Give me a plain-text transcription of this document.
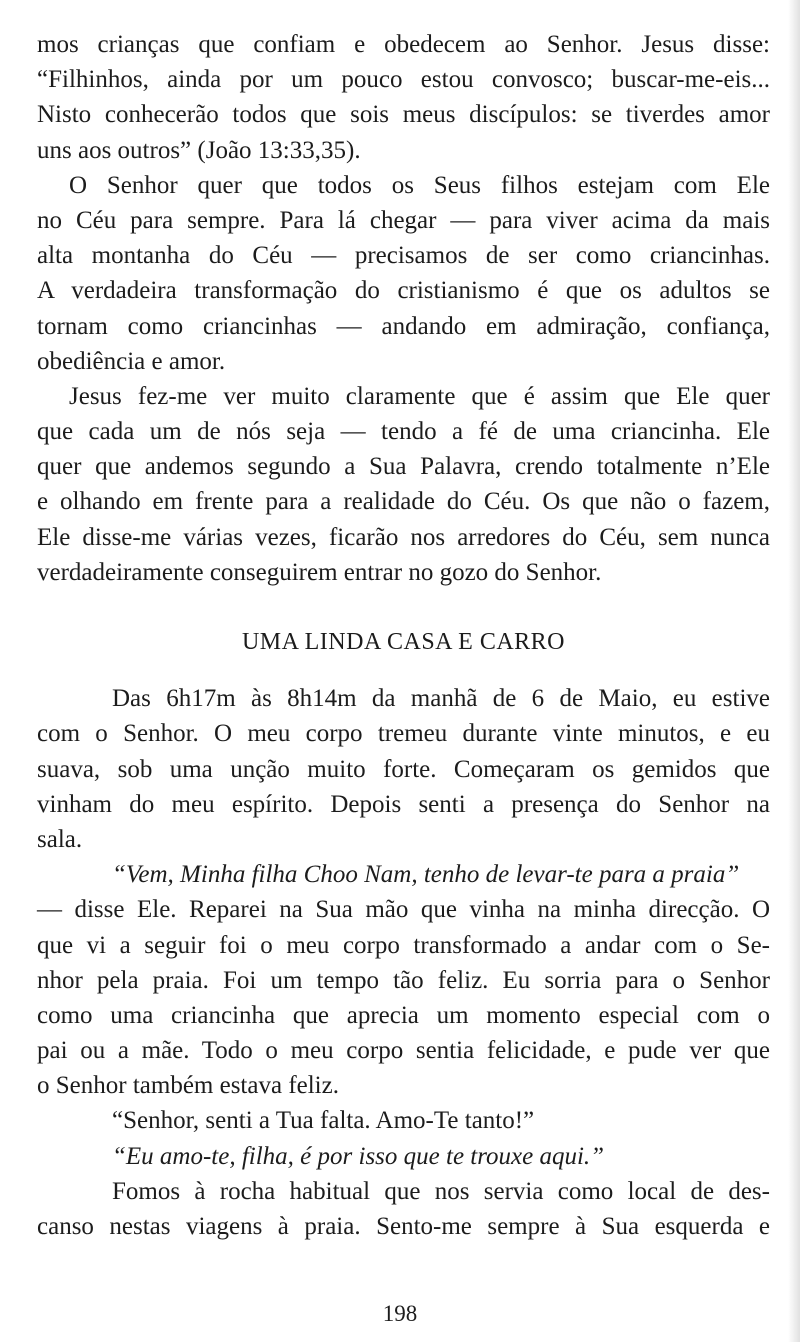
mos crianças que confiam e obedecem ao Senhor. Jesus disse:
“Filhinhos, ainda por um pouco estou convosco; buscar-me-eis...
Nisto conhecerão todos que sois meus discípulos: se tiverdes amor
uns aos outros” (João 13:33,35).
O Senhor quer que todos os Seus filhos estejam com Ele
no Céu para sempre. Para lá chegar — para viver acima da mais
alta montanha do Céu — precisamos de ser como criancinhas.
A verdadeira transformação do cristianismo é que os adultos se
tornam como criancinhas — andando em admiração, confiança,
obediência e amor.
Jesus fez-me ver muito claramente que é assim que Ele quer
que cada um de nós seja — tendo a fé de uma criancinha. Ele
quer que andemos segundo a Sua Palavra, crendo totalmente n’Ele
e olhando em frente para a realidade do Céu. Os que não o fazem,
Ele disse-me várias vezes, ficarão nos arredores do Céu, sem nunca
verdadeiramente conseguirem entrar no gozo do Senhor.
UMA LINDA CASA E CARRO
Das 6h17m às 8h14m da manhã de 6 de Maio, eu estive
com o Senhor. O meu corpo tremeu durante vinte minutos, e eu
suava, sob uma unção muito forte. Começaram os gemidos que
vinham do meu espírito. Depois senti a presença do Senhor na
sala.
“Vem, Minha filha Choo Nam, tenho de levar-te para a praia”
— disse Ele. Reparei na Sua mão que vinha na minha direcção. O
que vi a seguir foi o meu corpo transformado a andar com o Se-
nhor pela praia. Foi um tempo tão feliz. Eu sorria para o Senhor
como uma criancinha que aprecia um momento especial com o
pai ou a mãe. Todo o meu corpo sentia felicidade, e pude ver que
o Senhor também estava feliz.
“Senhor, senti a Tua falta. Amo-Te tanto!”
“Eu amo-te, filha, é por isso que te trouxe aqui.”
Fomos à rocha habitual que nos servia como local de des-
canso nestas viagens à praia. Sento-me sempre à Sua esquerda e
198
